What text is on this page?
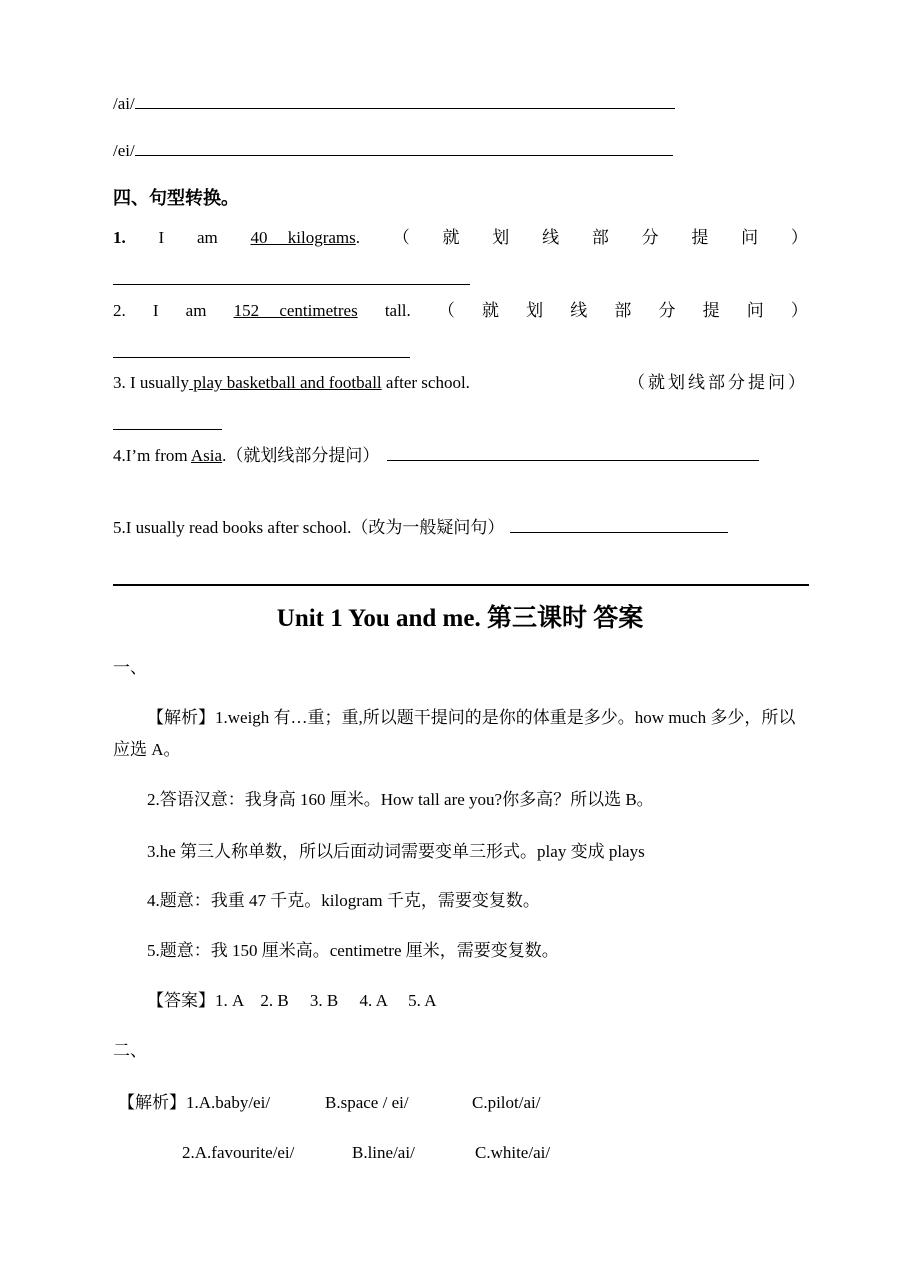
/ai/
/ei/
四、句型转换。
1. I am 40 kilograms. （ 就 划 线 部 分 提 问 ）
2. I am 152 centimetres tall. （ 就 划 线 部 分 提 问 ）
3. I usually play basketball and football after school.	（就划线部分提问）
4.I’m from Asia.（就划线部分提问）
5.I usually read books after school.（改为一般疑问句）
Unit 1 You and me. 第三课时 答案
一、
【解析】1.weigh 有…重；重,所以题干提问的是你的体重是多少。how much 多少，所以
应选 A。
2.答语汉意：我身高 160 厘米。How tall are you?你多高？所以选 B。
3.he 第三人称单数，所以后面动词需要变单三形式。play 变成 plays
4.题意：我重 47 千克。kilogram 千克，需要变复数。
5.题意：我 150 厘米高。centimetre 厘米，需要变复数。
【答案】1. A    2. B     3. B     4. A     5. A
二、
【解析】1.A.baby/ei/	B.space / ei/	C.pilot/ai/
2.A.favourite/ei/	B.line/ai/	C.white/ai/
